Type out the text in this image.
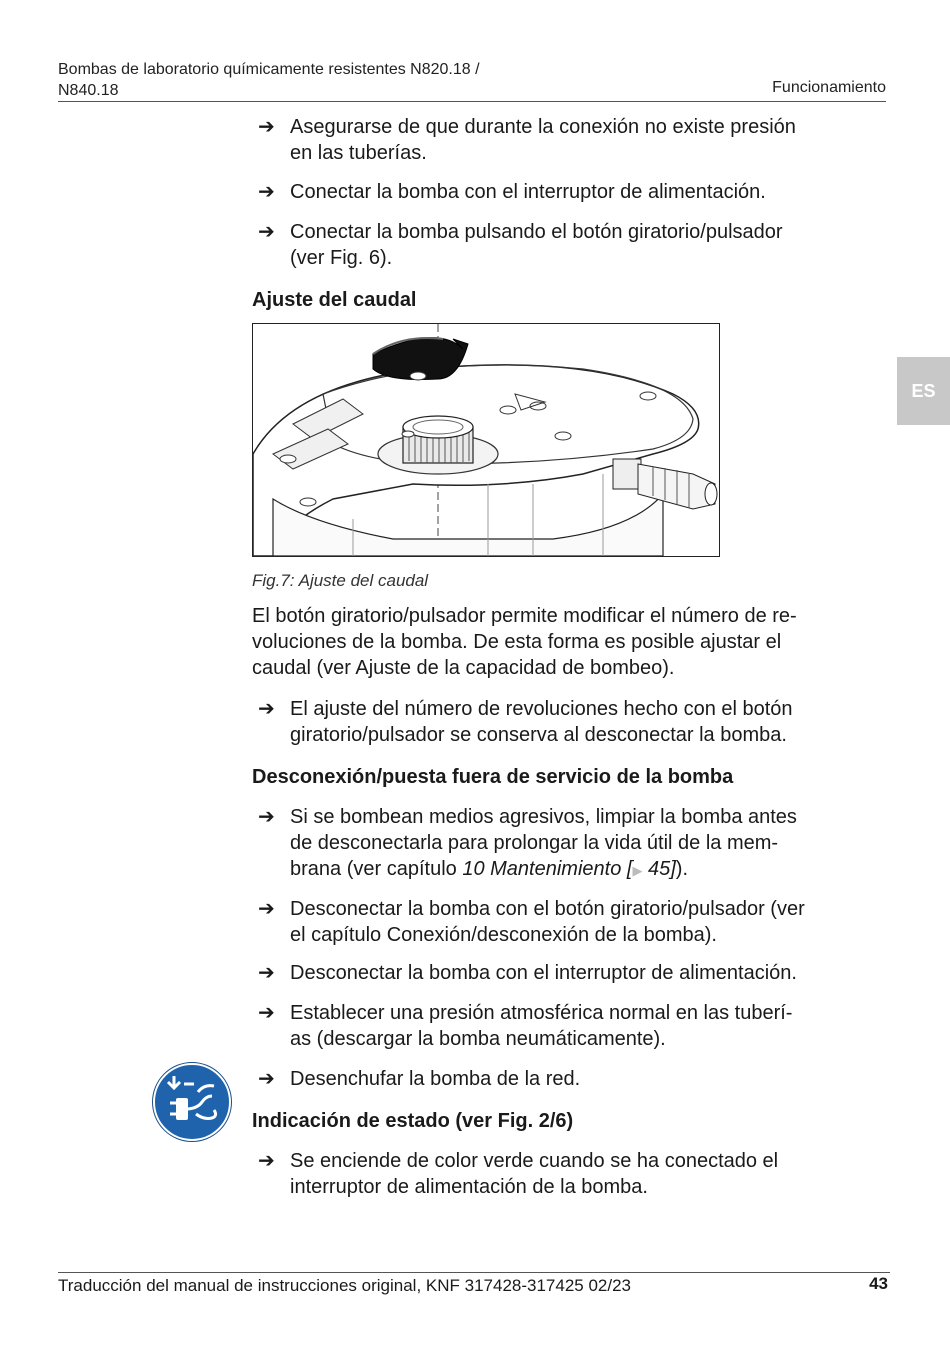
Bombas de laboratorio químicamente resistentes N820.18 /
N840.18	Funcionamiento
ES
➔ Asegurarse de que durante la conexión no existe presión
en las tuberías.
➔ Conectar la bomba con el interruptor de alimentación.
➔ Conectar la bomba pulsando el botón giratorio/pulsador
(ver Fig. 6).
Ajuste del caudal
Fig.7: Ajuste del caudal
El botón giratorio/pulsador permite modificar el número de re-
voluciones de la bomba. De esta forma es posible ajustar el
caudal (ver Ajuste de la capacidad de bombeo).
➔ El ajuste del número de revoluciones hecho con el botón
giratorio/pulsador se conserva al desconectar la bomba.
Desconexión/puesta fuera de servicio de la bomba
➔ Si se bombean medios agresivos, limpiar la bomba antes
de desconectarla para prolongar la vida útil de la mem-
brana (ver capítulo 10 Mantenimiento [▶ 45]).
➔ Desconectar la bomba con el botón giratorio/pulsador (ver
el capítulo Conexión/desconexión de la bomba).
➔ Desconectar la bomba con el interruptor de alimentación.
➔ Establecer una presión atmosférica normal en las tuberí-
as (descargar la bomba neumáticamente).
➔ Desenchufar la bomba de la red.
Indicación de estado (ver Fig. 2/6)
➔ Se enciende de color verde cuando se ha conectado el
interruptor de alimentación de la bomba.
Traducción del manual de instrucciones original, KNF 317428-317425 02/23	43
